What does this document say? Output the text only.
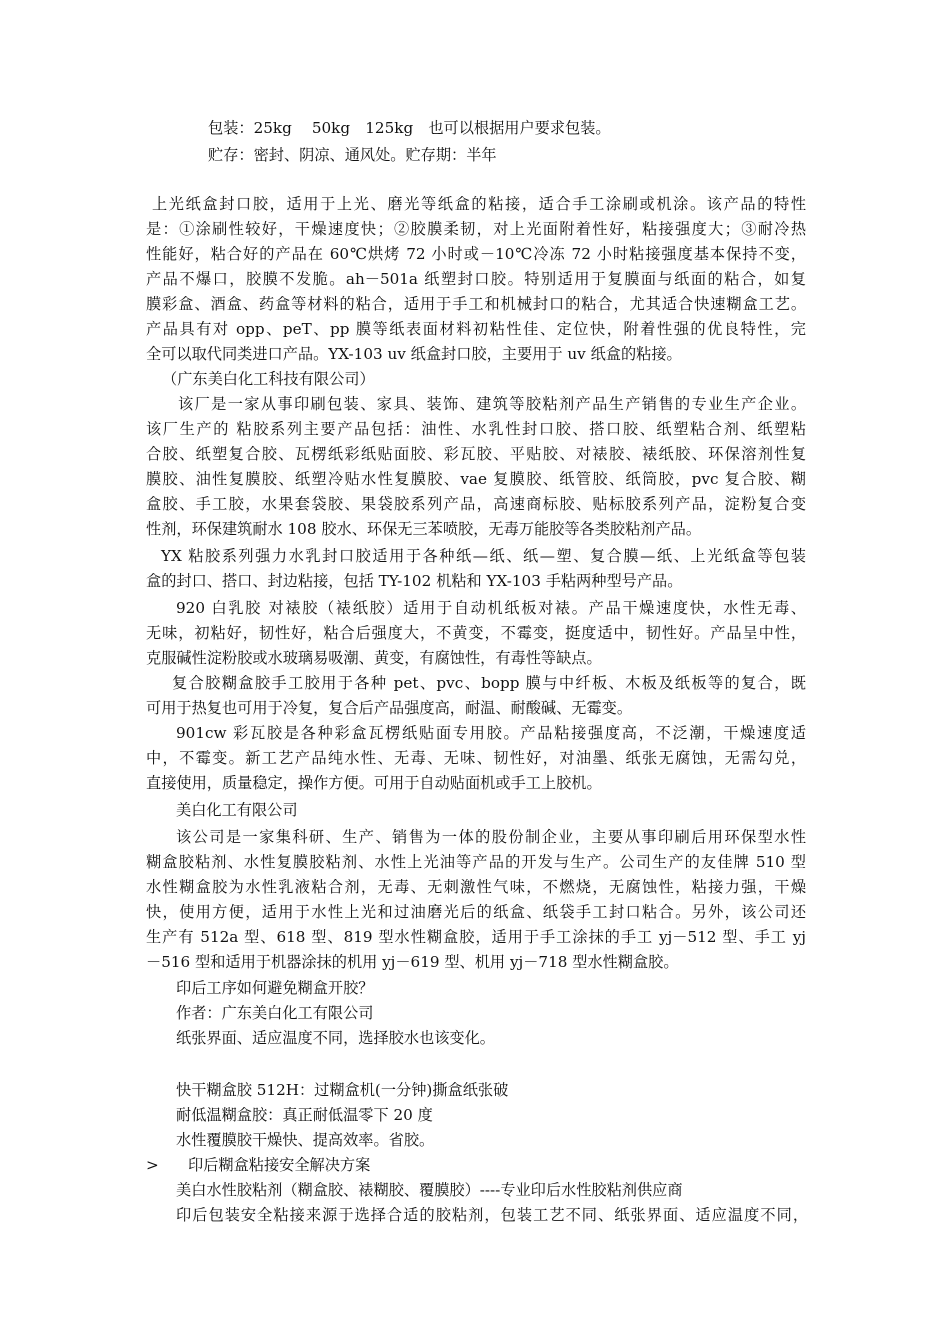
包装：25kg　 50kg　125kg　也可以根据用户要求包装。
贮存：密封、阴凉、通风处。贮存期：半年
上光纸盒封口胶，适用于上光、磨光等纸盒的粘接，适合手工涂刷或机涂。该产品的特性
是：①涂刷性较好，干燥速度快；②胶膜柔韧，对上光面附着性好，粘接强度大；③耐冷热
性能好，粘合好的产品在 60℃烘烤 72 小时或－10℃冷冻 72 小时粘接强度基本保持不变，
产品不爆口，胶膜不发脆。ah－501a 纸塑封口胶。特别适用于复膜面与纸面的粘合，如复
膜彩盒、酒盒、药盒等材料的粘合，适用于手工和机械封口的粘合，尤其适合快速糊盒工艺。
产品具有对 opp、peT、pp 膜等纸表面材料初粘性佳、定位快，附着性强的优良特性，完
全可以取代同类进口产品。YX-103 uv 纸盒封口胶，主要用于 uv 纸盒的粘接。
（广东美白化工科技有限公司）
该厂是一家从事印刷包装、家具、装饰、建筑等胶粘剂产品生产销售的专业生产企业。
该厂生产的 粘胶系列主要产品包括：油性、水乳性封口胶、搭口胶、纸塑粘合剂、纸塑粘
合胶、纸塑复合胶、瓦楞纸彩纸贴面胶、彩瓦胶、平贴胶、对裱胶、裱纸胶、环保溶剂性复
膜胶、油性复膜胶、纸塑冷贴水性复膜胶、vae 复膜胶、纸管胶、纸筒胶，pvc 复合胶、糊
盒胶、手工胶，水果套袋胶、果袋胶系列产品，高速商标胶、贴标胶系列产品，淀粉复合变
性剂，环保建筑耐水 108 胶水、环保无三苯喷胶，无毒万能胶等各类胶粘剂产品。
YX 粘胶系列强力水乳封口胶适用于各种纸—纸、纸—塑、复合膜—纸、上光纸盒等包装
盒的封口、搭口、封边粘接，包括 TY-102 机粘和 YX-103 手粘两种型号产品。
920 白乳胶 对裱胶（裱纸胶）适用于自动机纸板对裱。产品干燥速度快，水性无毒、
无味，初粘好，韧性好，粘合后强度大，不黄变，不霉变，挺度适中，韧性好。产品呈中性，
克服碱性淀粉胶或水玻璃易吸潮、黄变，有腐蚀性，有毒性等缺点。
复合胶糊盒胶手工胶用于各种 pet、pvc、bopp 膜与中纤板、木板及纸板等的复合，既
可用于热复也可用于冷复，复合后产品强度高，耐温、耐酸碱、无霉变。
901cw 彩瓦胶是各种彩盒瓦楞纸贴面专用胶。产品粘接强度高，不泛潮，干燥速度适
中，不霉变。新工艺产品纯水性、无毒、无味、韧性好，对油墨、纸张无腐蚀，无需勾兑，
直接使用，质量稳定，操作方便。可用于自动贴面机或手工上胶机。
美白化工有限公司
该公司是一家集科研、生产、销售为一体的股份制企业，主要从事印刷后用环保型水性
糊盒胶粘剂、水性复膜胶粘剂、水性上光油等产品的开发与生产。公司生产的友佳牌 510 型
水性糊盒胶为水性乳液粘合剂，无毒、无刺激性气味，不燃烧，无腐蚀性，粘接力强，干燥
快，使用方便，适用于水性上光和过油磨光后的纸盒、纸袋手工封口粘合。另外，该公司还
生产有 512a 型、618 型、819 型水性糊盒胶，适用于手工涂抹的手工 yj－512 型、手工 yj
－516 型和适用于机器涂抹的机用 yj－619 型、机用 yj－718 型水性糊盒胶。
印后工序如何避免糊盒开胶？
作者：广东美白化工有限公司
纸张界面、适应温度不同，选择胶水也该变化。
快干糊盒胶 512H：过糊盒机(一分钟)撕盒纸张破
耐低温糊盒胶：真正耐低温零下 20 度
水性覆膜胶干燥快、提高效率。省胶。
> 印后糊盒粘接安全解决方案
美白水性胶粘剂（糊盒胶、裱糊胶、覆膜胶）----专业印后水性胶粘剂供应商
印后包装安全粘接来源于选择合适的胶粘剂，包装工艺不同、纸张界面、适应温度不同，
